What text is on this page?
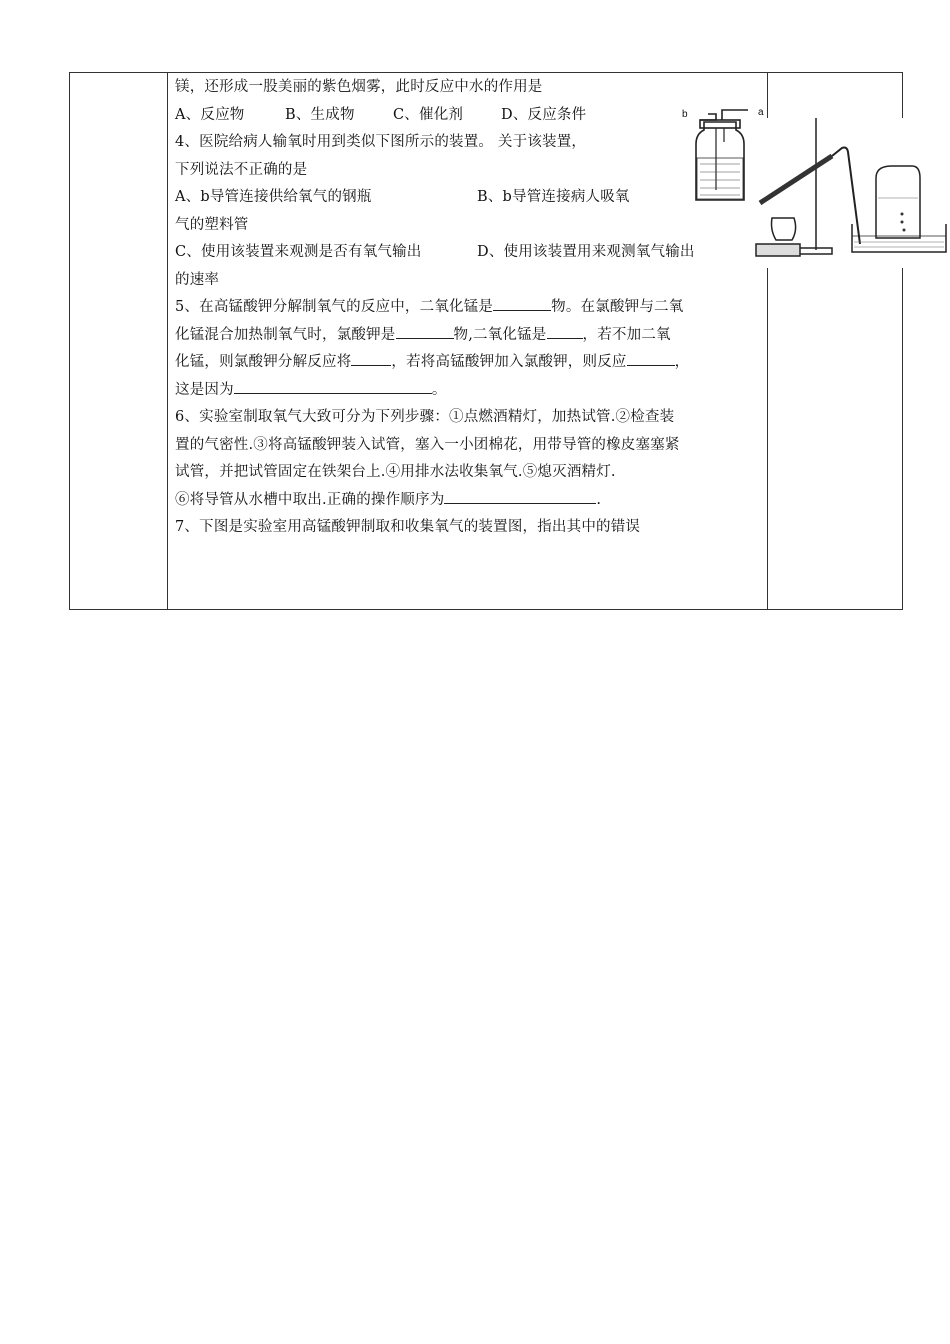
镁，还形成一股美丽的紫色烟雾，此时反应中水的作用是
A、反应物	B、生成物	C、催化剂	D、反应条件
4、医院给病人输氧时用到类似下图所示的装置。 关于该装置，
下列说法不正确的是
A、b导管连接供给氧气的钢瓶	B、b导管连接病人吸氧
气的塑料管
C、使用该装置来观测是否有氧气输出	D、使用该装置用来观测氧气输出
的速率
5、在高锰酸钾分解制氧气的反应中，二氧化锰是	物。在氯酸钾与二氧
化锰混合加热制氧气时，氯酸钾是	物,二氧化锰是 ，若不加二氧
化锰，则氯酸钾分解反应将	，若将高锰酸钾加入氯酸钾，则反应	，
这是因为	。
6、实验室制取氧气大致可分为下列步骤：①点燃酒精灯，加热试管.②检查装
置的气密性.③将高锰酸钾装入试管，塞入一小团棉花，用带导管的橡皮塞塞紧
试管，并把试管固定在铁架台上.④用排水法收集氧气.⑤熄灭酒精灯.
⑥将导管从水槽中取出.正确的操作顺序为	.
7、下图是实验室用高锰酸钾制取和收集氧气的装置图，指出其中的错误
b	a
